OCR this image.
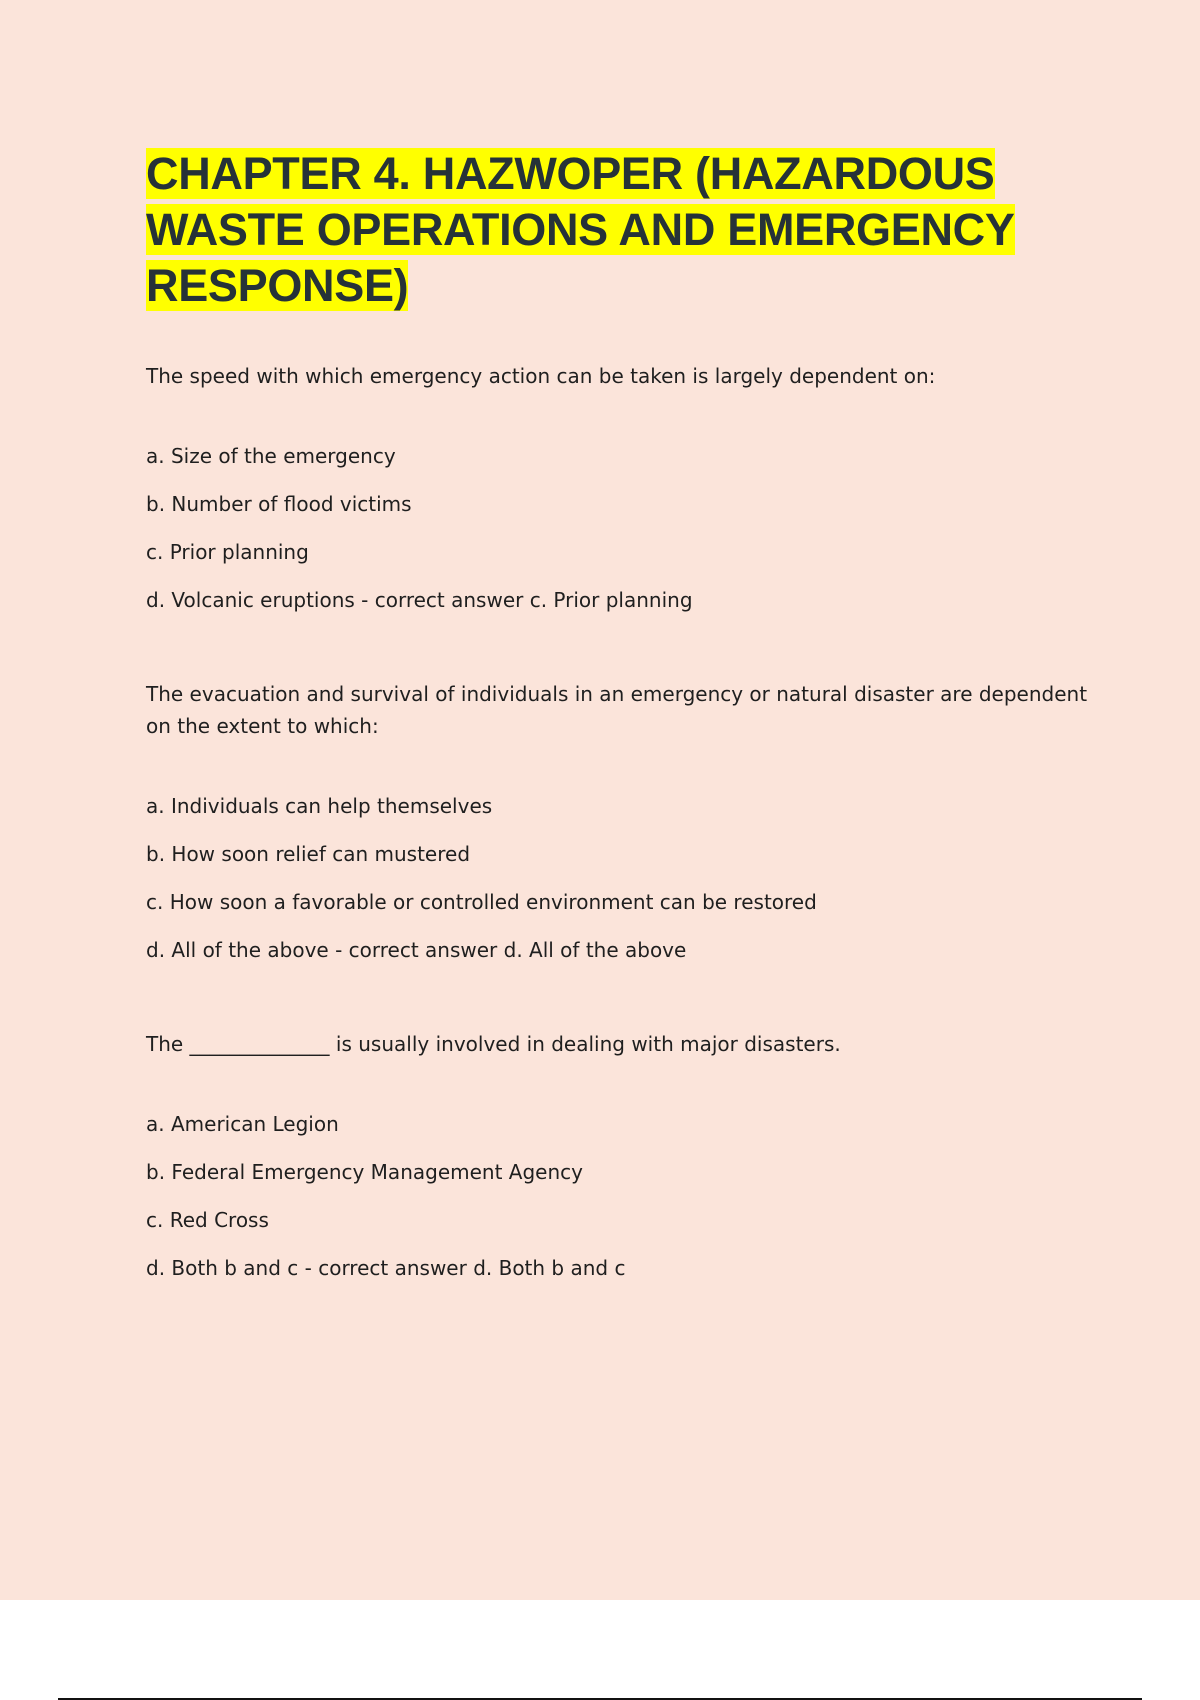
CHAPTER 4. HAZWOPER (HAZARDOUS WASTE OPERATIONS AND EMERGENCY RESPONSE)

The speed with which emergency action can be taken is largely dependent on:

a. Size of the emergency
b. Number of flood victims
c. Prior planning
d. Volcanic eruptions - correct answer c. Prior planning

The evacuation and survival of individuals in an emergency or natural disaster are dependent on the extent to which:

a. Individuals can help themselves
b. How soon relief can mustered
c. How soon a favorable or controlled environment can be restored
d. All of the above - correct answer d. All of the above

The ______________ is usually involved in dealing with major disasters.

a. American Legion
b. Federal Emergency Management Agency
c. Red Cross
d. Both b and c - correct answer d. Both b and c
